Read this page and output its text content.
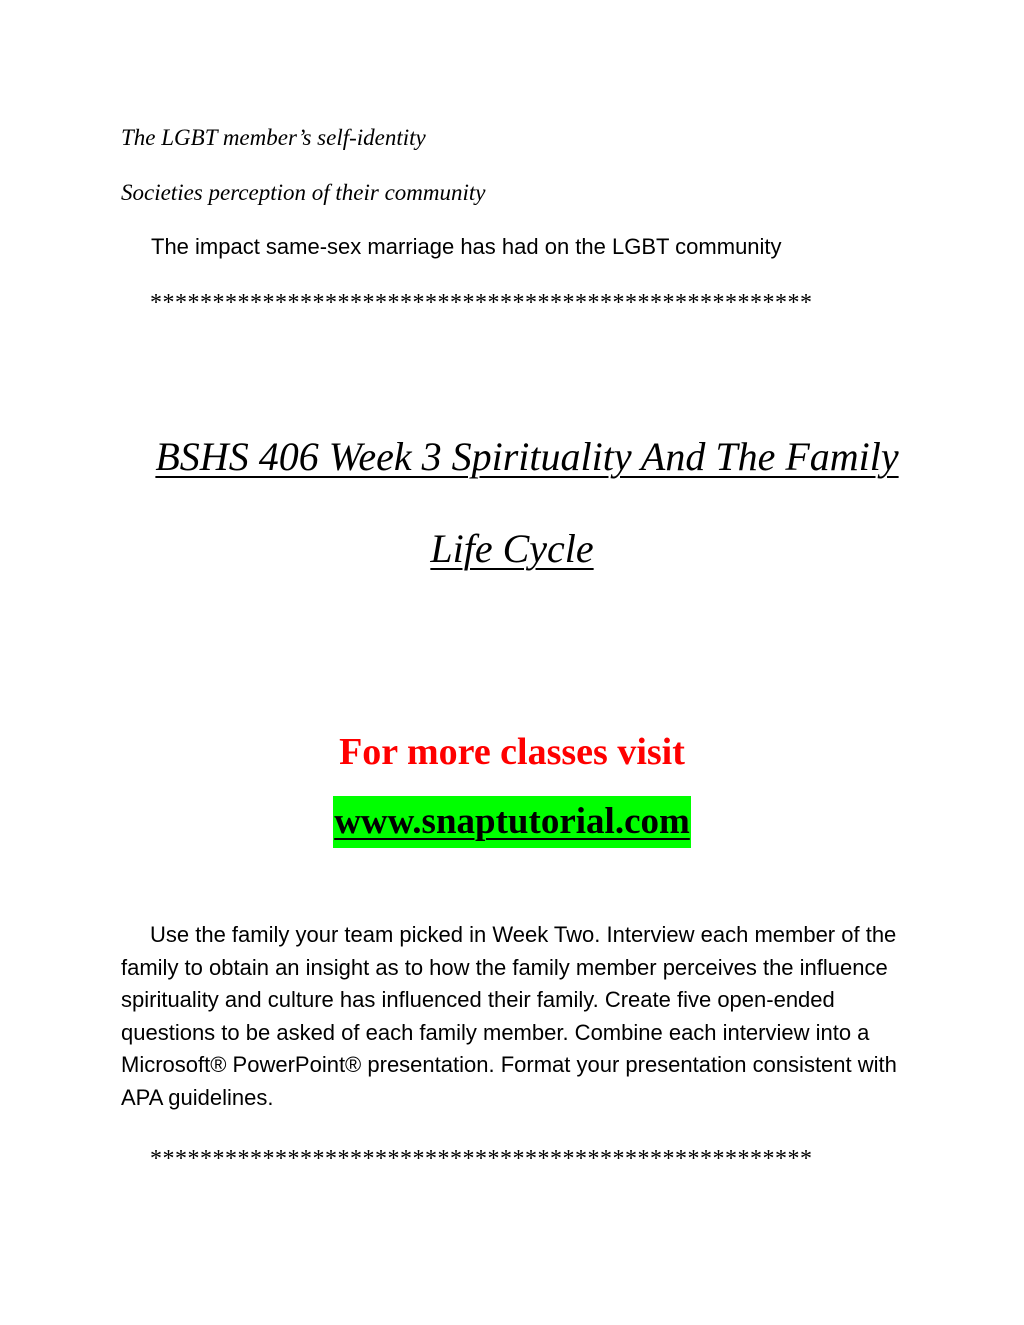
The LGBT member’s self-identity
Societies perception of their community
The impact same-sex marriage has had on the LGBT community
*****************************************************
BSHS 406 Week 3 Spirituality And The Family
Life Cycle
For more classes visit
www.snaptutorial.com
Use the family your team picked in Week Two. Interview each member of the family to obtain an insight as to how the family member perceives the influence spirituality and culture has influenced their family. Create five open-ended questions to be asked of each family member. Combine each interview into a Microsoft® PowerPoint® presentation. Format your presentation consistent with APA guidelines.
*****************************************************
